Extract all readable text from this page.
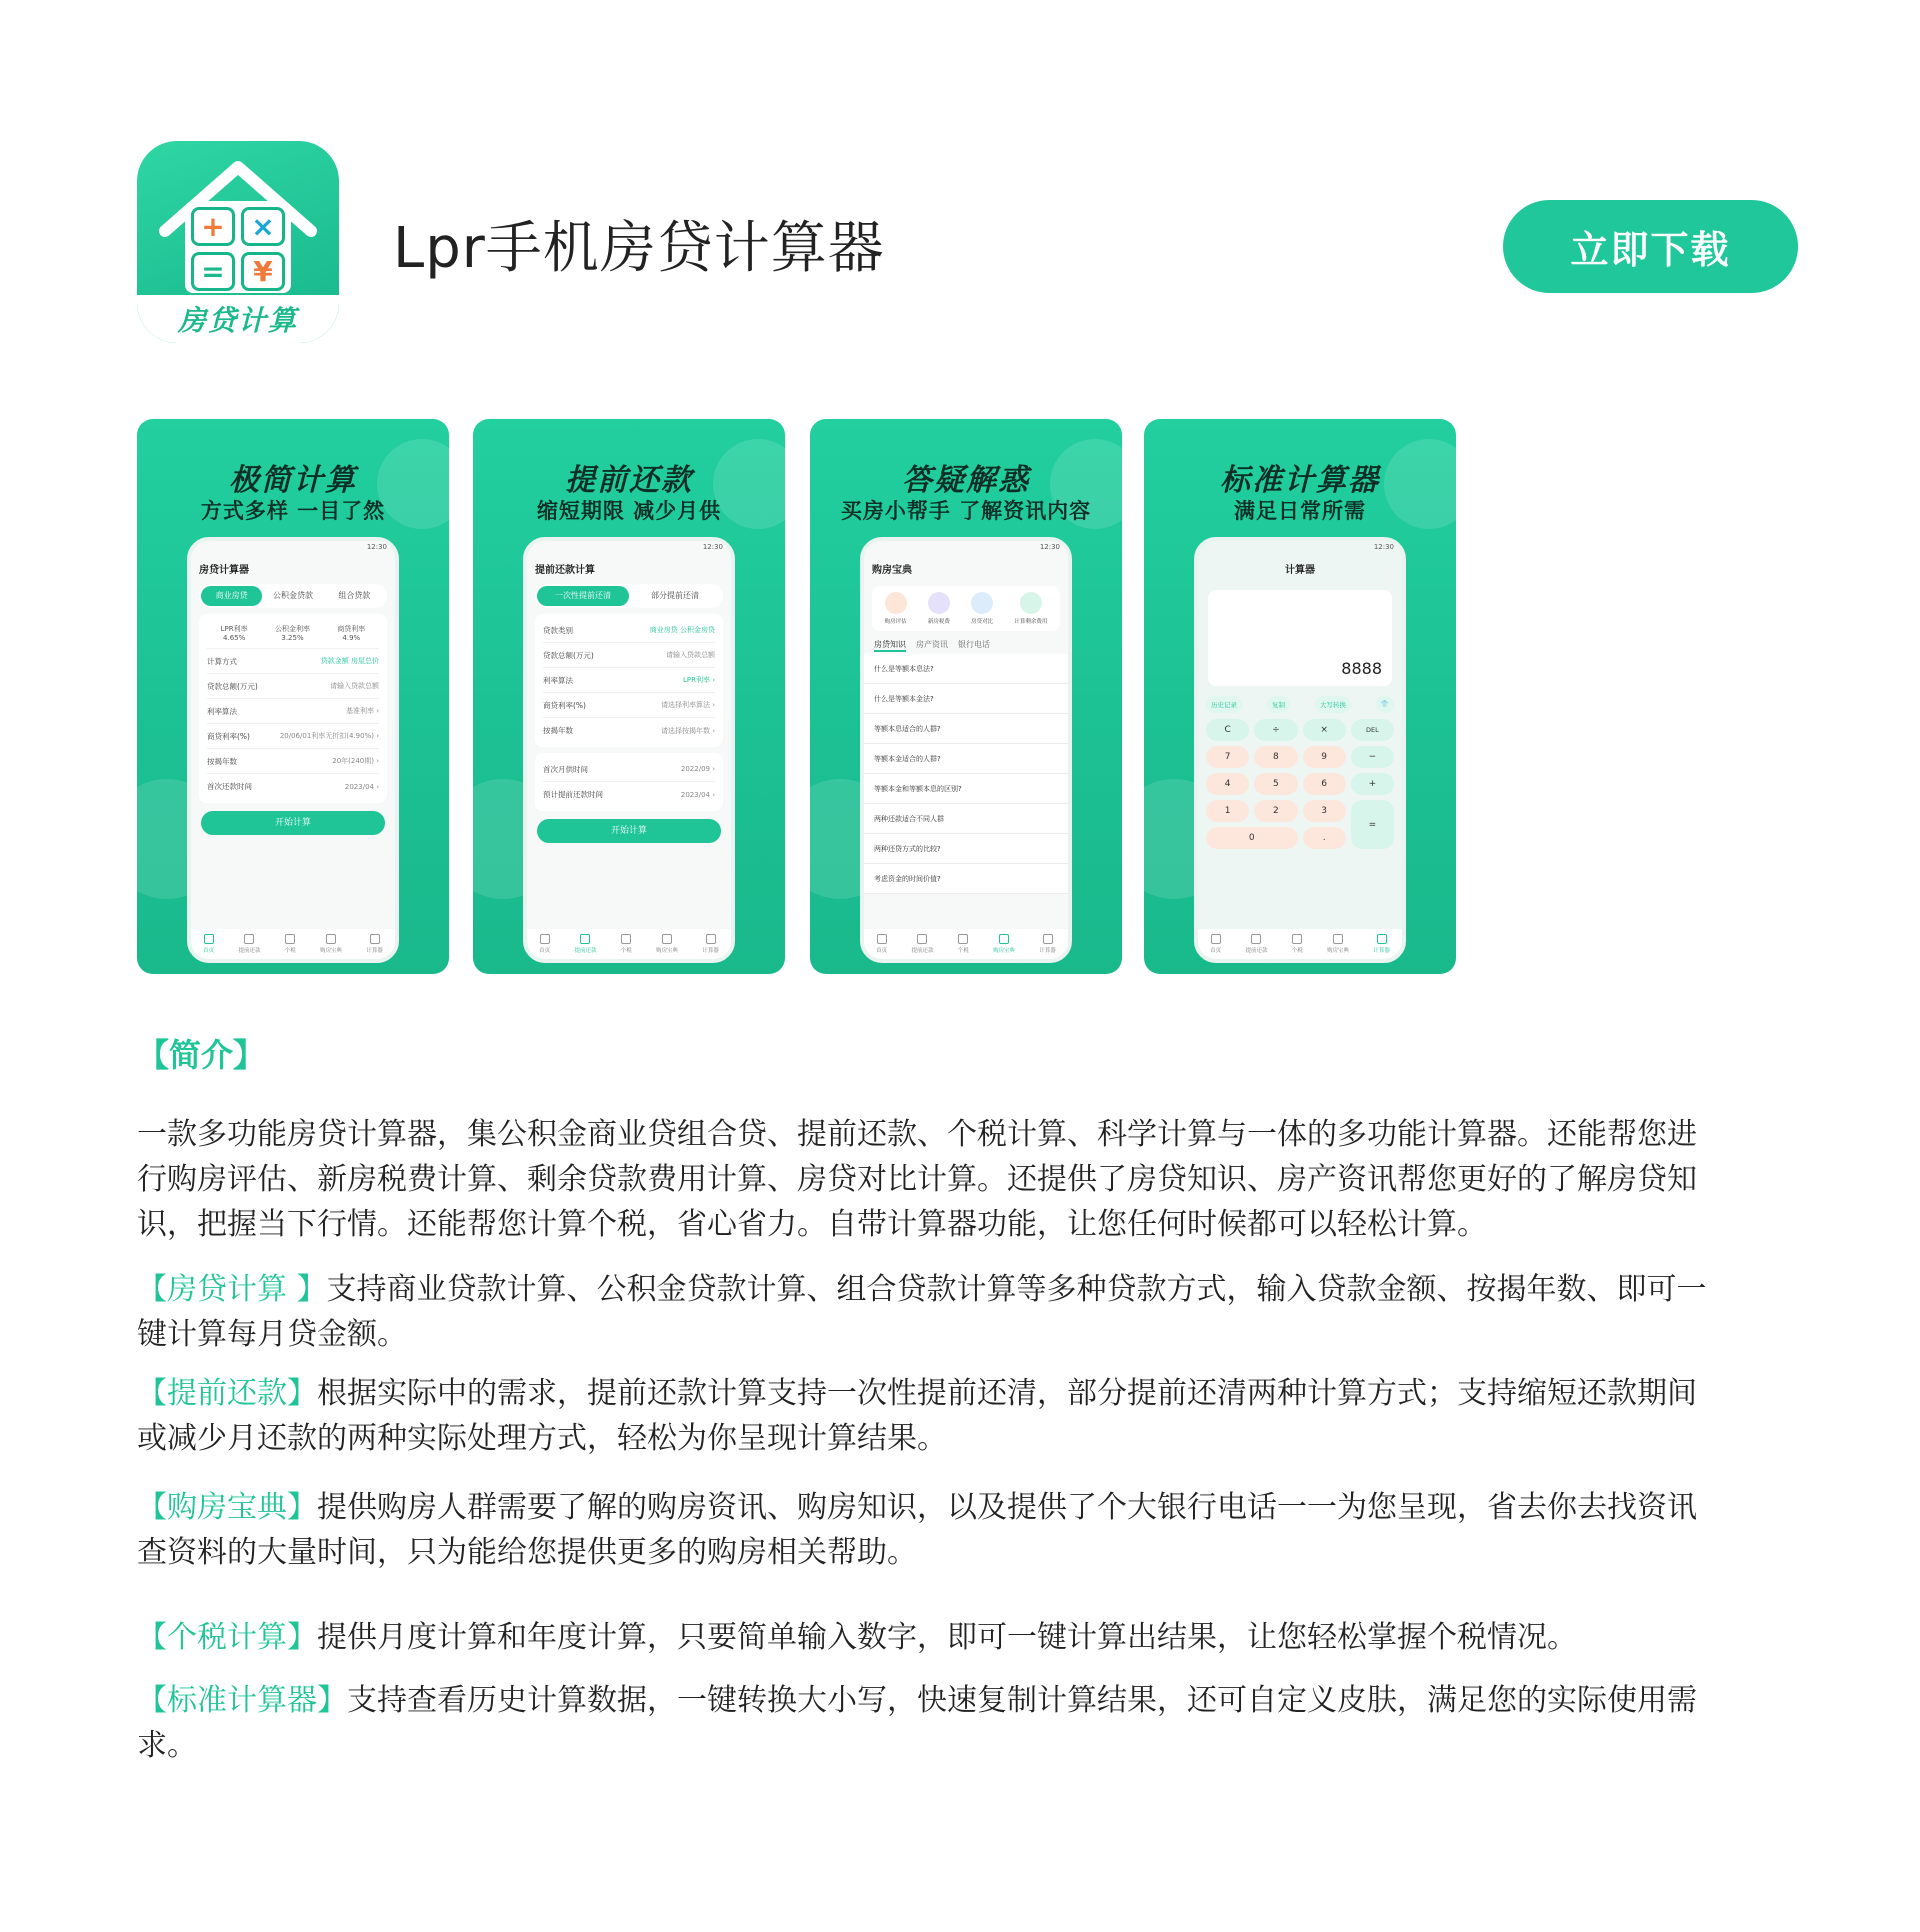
+ ×
=	¥
房贷计算
Lpr手机房贷计算器	立即下载
极简计算
方式多样 一目了然
12:30
房贷计算器
商业房贷	公积金贷款	组合贷款
LPR利率
4.65%
公积金利率
3.25%
商贷利率
4.9%
计算方式	贷款金额 房屋总价
贷款总额(万元)	请输入贷款总额
利率算法	基准利率 ›
商贷利率(%)	20/06/01利率无折扣(4.90%) ›
按揭年数	20年(240期) ›
首次还款时间	2023/04 ›
开始计算
首页	提前还款	个税	购房宝典	计算器
提前还款
缩短期限 减少月供
12:30
提前还款计算
一次性提前还清	部分提前还清
贷款类别	商业房贷 公积金房贷
贷款总额(万元)	请输入贷款总额
利率算法	LPR利率 ›
商贷利率(%)	请选择利率算法 ›
按揭年数	请选择按揭年数 ›
首次月供时间	2022/09 ›
预计提前还款时间	2023/04 ›
开始计算
首页	提前还款	个税	购房宝典	计算器
答疑解惑
买房小帮手 了解资讯内容
12:30
购房宝典
购房评估	新房税费	房贷对比	计算剩余费用
房贷知识 房产资讯 银行电话
什么是等额本息法?
什么是等额本金法?
等额本息适合的人群?
等额本金适合的人群?
等额本金和等额本息的区别?
两种还款适合不同人群
两种还贷方式的比较?
考虑资金的时间价值?
首页	提前还款	个税	购房宝典	计算器
标准计算器
满足日常所需
12:30
计算器
8888
历史记录	复制	大写转换	👕
C	÷	×	DEL
7	8	9	−
4	5	6	+
1	2	3
=
0	.
首页	提前还款	个税	购房宝典	计算器
【简介】

一款多功能房贷计算器，集公积金商业贷组合贷、提前还款、个税计算、科学计算与一体的多功能计算器。还能帮您进行购房评估、新房税费计算、剩余贷款费用计算、房贷对比计算。还提供了房贷知识、房产资讯帮您更好的了解房贷知识，把握当下行情。还能帮您计算个税，省心省力。自带计算器功能，让您任何时候都可以轻松计算。

【房贷计算 】支持商业贷款计算、公积金贷款计算、组合贷款计算等多种贷款方式，输入贷款金额、按揭年数、即可一键计算每月贷金额。

【提前还款】根据实际中的需求，提前还款计算支持一次性提前还清，部分提前还清两种计算方式；支持缩短还款期间或减少月还款的两种实际处理方式，轻松为你呈现计算结果。

【购房宝典】提供购房人群需要了解的购房资讯、购房知识，以及提供了个大银行电话一一为您呈现，省去你去找资讯查资料的大量时间，只为能给您提供更多的购房相关帮助。

【个税计算】提供月度计算和年度计算，只要简单输入数字，即可一键计算出结果，让您轻松掌握个税情况。

【标准计算器】支持查看历史计算数据，一键转换大小写，快速复制计算结果，还可自定义皮肤，满足您的实际使用需求。
